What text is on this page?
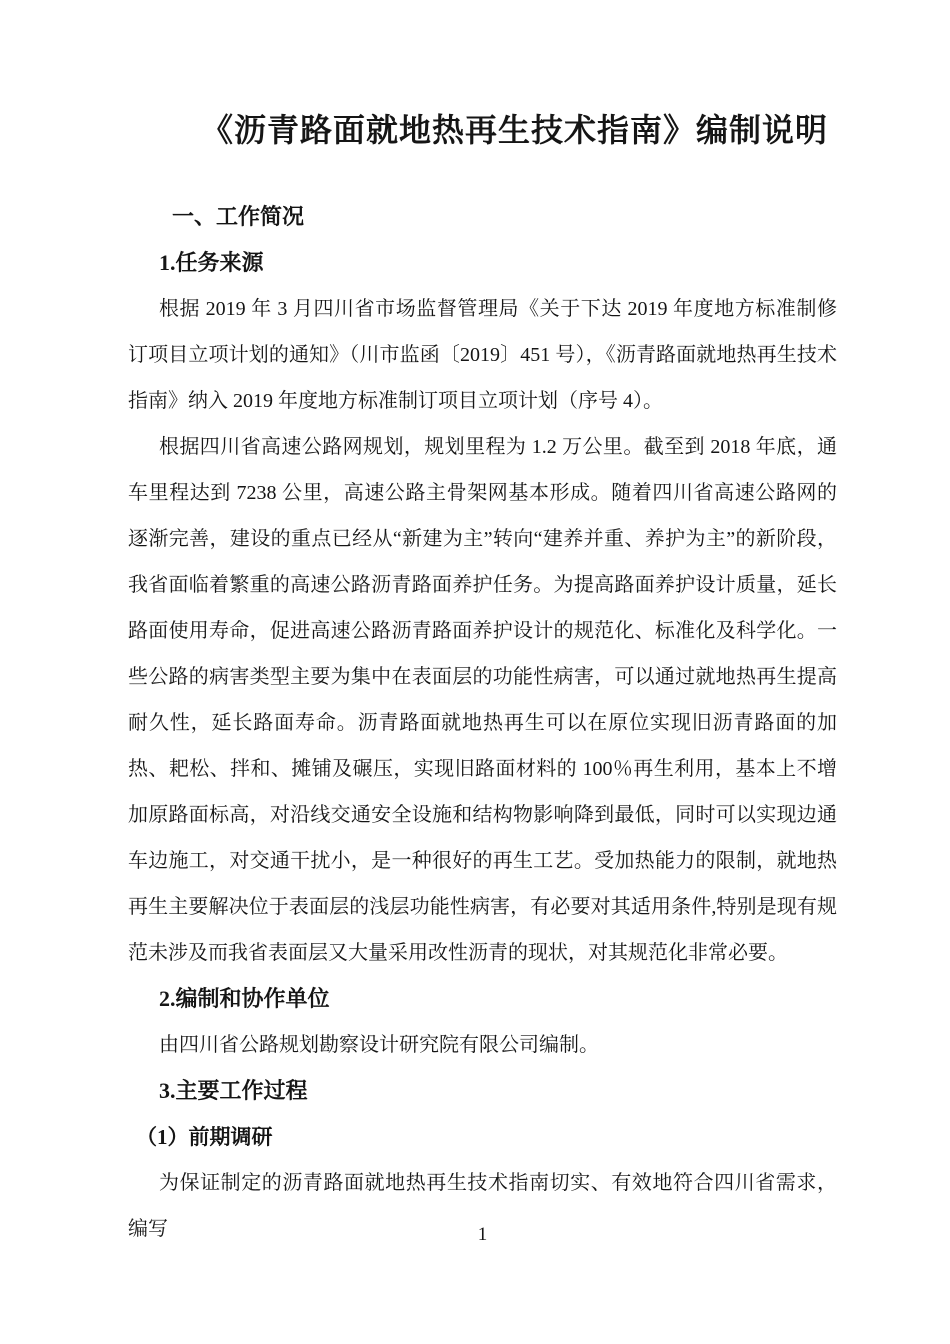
《沥青路面就地热再生技术指南》编制说明
一、工作简况
1.任务来源

根据 2019 年 3 月四川省市场监督管理局《关于下达 2019 年度地方标准制修订项目立项计划的通知》（川市监函〔2019〕451 号），《沥青路面就地热再生技术指南》纳入 2019 年度地方标准制订项目立项计划（序号 4）。

根据四川省高速公路网规划，规划里程为 1.2 万公里。截至到 2018 年底，通车里程达到 7238 公里，高速公路主骨架网基本形成。随着四川省高速公路网的逐渐完善，建设的重点已经从“新建为主”转向“建养并重、养护为主”的新阶段，我省面临着繁重的高速公路沥青路面养护任务。为提高路面养护设计质量，延长路面使用寿命，促进高速公路沥青路面养护设计的规范化、标准化及科学化。一些公路的病害类型主要为集中在表面层的功能性病害，可以通过就地热再生提高耐久性，延长路面寿命。沥青路面就地热再生可以在原位实现旧沥青路面的加热、耙松、拌和、摊铺及碾压，实现旧路面材料的 100％再生利用，基本上不增加原路面标高，对沿线交通安全设施和结构物影响降到最低，同时可以实现边通车边施工，对交通干扰小，是一种很好的再生工艺。受加热能力的限制，就地热再生主要解决位于表面层的浅层功能性病害，有必要对其适用条件,特别是现有规范未涉及而我省表面层又大量采用改性沥青的现状，对其规范化非常必要。

2.编制和协作单位

由四川省公路规划勘察设计研究院有限公司编制。

3.主要工作过程
（1）前期调研

为保证制定的沥青路面就地热再生技术指南切实、有效地符合四川省需求，编写	1
